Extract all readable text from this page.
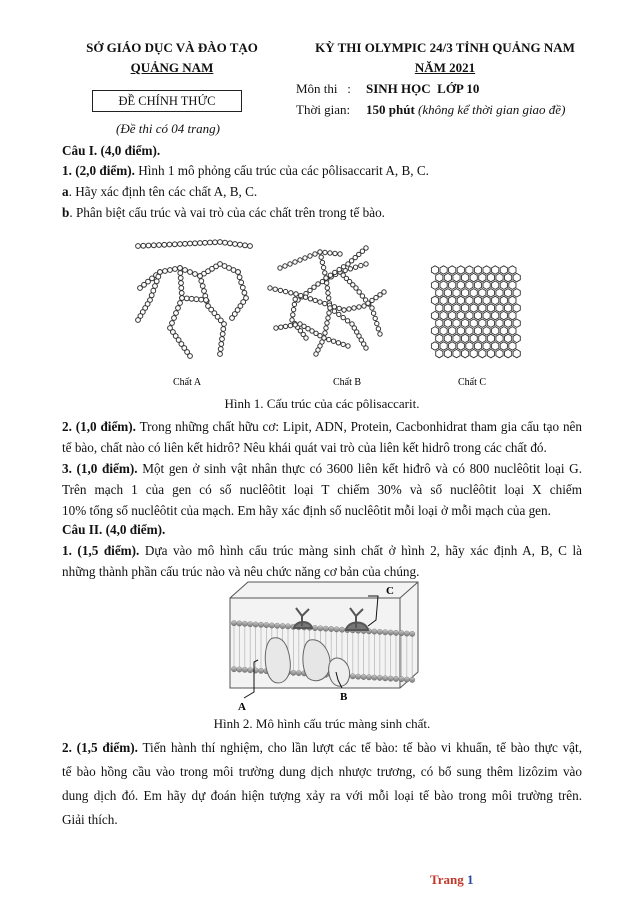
SỞ GIÁO DỤC VÀ ĐÀO TẠO
QUẢNG NAM
ĐỀ CHÍNH THỨC
(Đề thi có 04 trang)
KỲ THI OLYMPIC 24/3 TỈNH QUẢNG NAM
NĂM 2021
Môn thi   : SINH HỌC  LỚP 10
Thời gian: 150 phút (không kể thời gian giao đề)
Câu I. (4,0 điểm).
1. (2,0 điểm). Hình 1 mô phỏng cấu trúc của các pôlisaccarit A, B, C.
a. Hãy xác định tên các chất A, B, C.
b. Phân biệt cấu trúc và vai trò của các chất trên trong tế bào.
Chất A	Chất B	Chất C
Hình 1. Cấu trúc của các pôlisaccarit.
2. (1,0 điểm). Trong những chất hữu cơ: Lipit, ADN, Protein, Cacbonhidrat tham gia cấu tạo nên
tế bào, chất nào có liên kết hidrô? Nêu khái quát vai trò của liên kết hidrô trong các chất đó.
3. (1,0 điểm). Một gen ở sinh vật nhân thực có 3600 liên kết hiđrô và có 800 nuclêôtit loại G.
Trên mạch 1 của gen có số nuclêôtit loại T chiếm 30% và số nuclêôtit loại X chiếm
10% tổng số nuclêôtit của mạch. Em hãy xác định số nuclêôtit mỗi loại ở mỗi mạch của gen.
Câu II. (4,0 điểm).
1. (1,5 điểm). Dựa vào mô hình cấu trúc màng sinh chất ở hình 2, hãy xác định A, B, C là
những thành phần cấu trúc nào và nêu chức năng cơ bản của chúng.
A
B
C
Hình 2. Mô hình cấu trúc màng sinh chất.
2. (1,5 điểm). Tiến hành thí nghiệm, cho lần lượt các tế bào: tế bào vi khuẩn, tế bào thực vật,
tế bào hồng cầu vào trong môi trường dung dịch nhược trương, có bổ sung thêm lizôzim vào
dung dịch đó. Em hãy dự đoán hiện tượng xảy ra với mỗi loại tế bào trong môi trường trên.
Giải thích.
Trang 1
